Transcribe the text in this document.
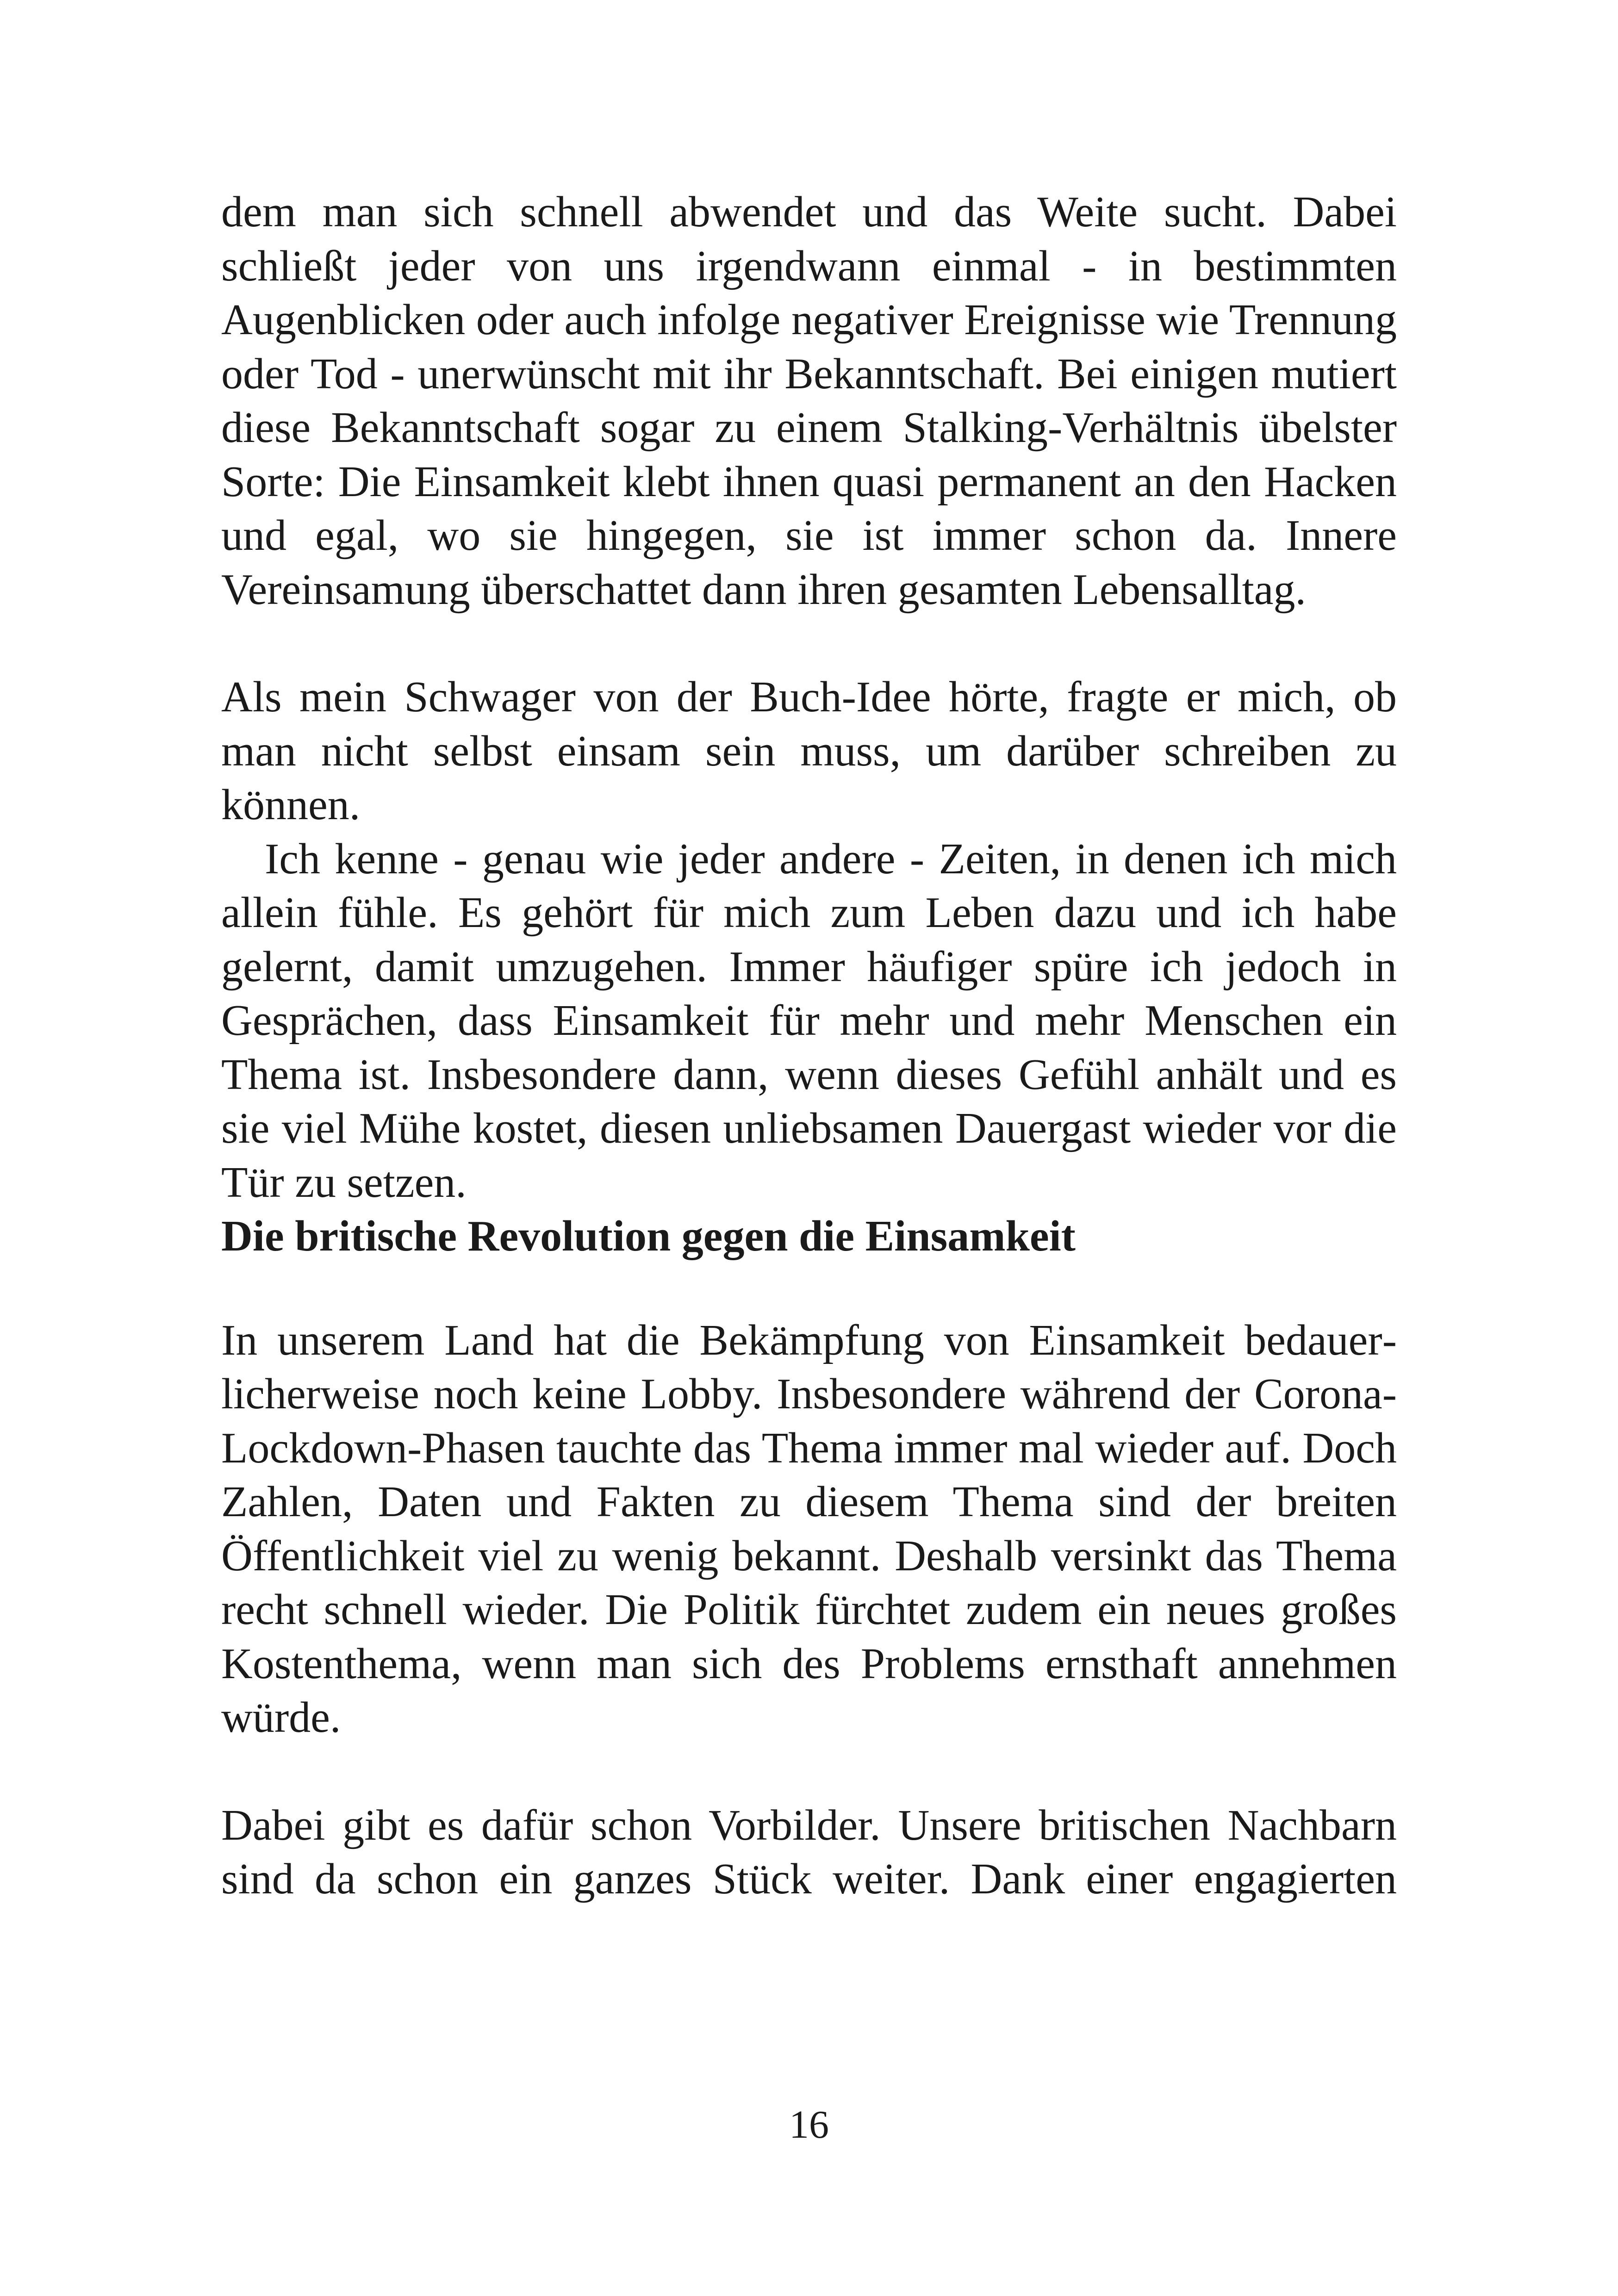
dem man sich schnell abwendet und das Weite sucht. Dabei schließt jeder von uns irgendwann einmal - in bestimmten Augenblicken oder auch infolge negativer Ereignisse wie Trennung oder Tod - unerwünscht mit ihr Bekanntschaft. Bei einigen mutiert diese Bekanntschaft sogar zu einem Stalking-Verhältnis übelster Sorte: Die Einsamkeit klebt ihnen quasi permanent an den Hacken und egal, wo sie hingegen, sie ist immer schon da. Innere Vereinsamung überschattet dann ihren gesamten Lebensalltag.

Als mein Schwager von der Buch-Idee hörte, fragte er mich, ob man nicht selbst einsam sein muss, um darüber schreiben zu können.

Ich kenne - genau wie jeder andere - Zeiten, in denen ich mich allein fühle. Es gehört für mich zum Leben dazu und ich habe gelernt, damit umzugehen. Immer häufiger spüre ich jedoch in Gesprächen, dass Einsamkeit für mehr und mehr Menschen ein Thema ist. Insbesondere dann, wenn dieses Gefühl anhält und es sie viel Mühe kostet, diesen unliebsamen Dauergast wieder vor die Tür zu setzen.

Die britische Revolution gegen die Einsamkeit

In unserem Land hat die Bekämpfung von Einsamkeit bedauerlicherweise noch keine Lobby. Insbesondere während der Corona-Lockdown-Phasen tauchte das Thema immer mal wieder auf. Doch Zahlen, Daten und Fakten zu diesem Thema sind der breiten Öffentlichkeit viel zu wenig bekannt. Deshalb versinkt das Thema recht schnell wieder. Die Politik fürchtet zudem ein neues großes Kostenthema, wenn man sich des Problems ernsthaft annehmen würde.

Dabei gibt es dafür schon Vorbilder. Unsere britischen Nachbarn sind da schon ein ganzes Stück weiter. Dank einer engagierten

16
